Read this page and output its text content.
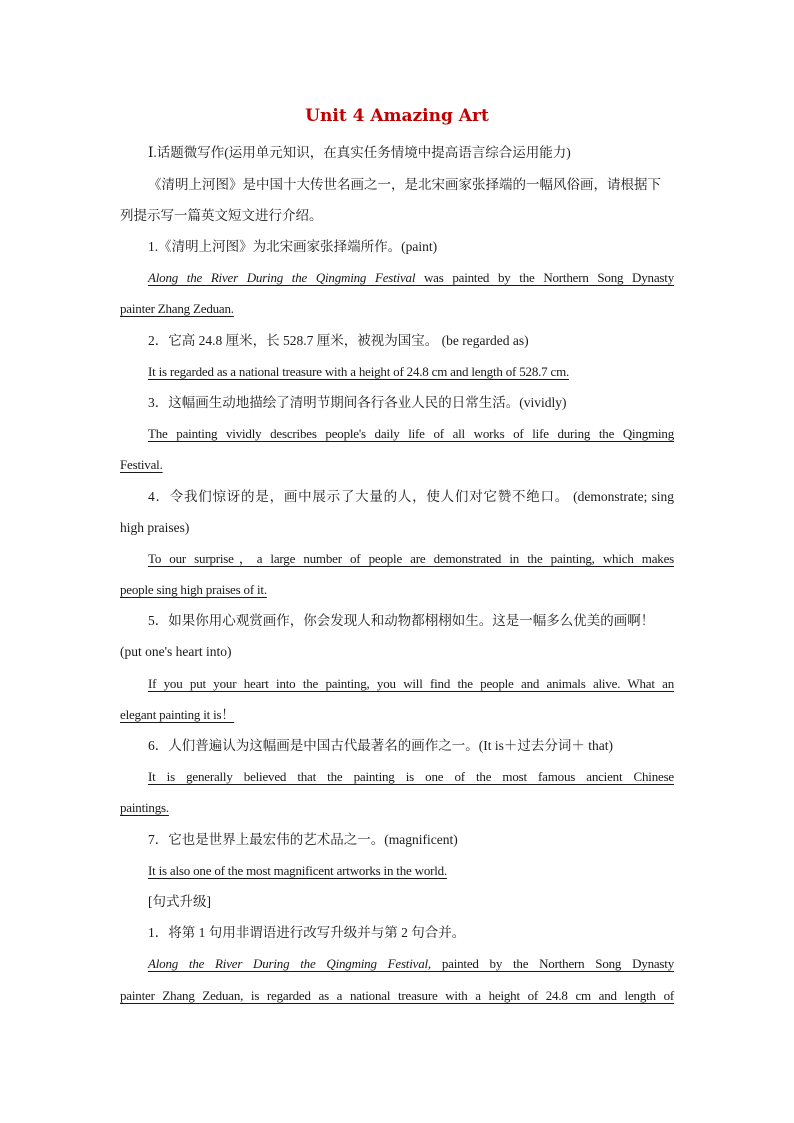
Unit 4 Amazing Art
Ⅰ.话题微写作(运用单元知识，在真实任务情境中提高语言综合运用能力)
《清明上河图》是中国十大传世名画之一，是北宋画家张择端的一幅风俗画，请根据下
列提示写一篇英文短文进行介绍。
1.《清明上河图》为北宋画家张择端所作。(paint)
Along the River During the Qingming Festival was painted by the Northern Song Dynasty
painter Zhang Zeduan.
2．它高 24.8 厘米，长 528.7 厘米，被视为国宝。 (be regarded as)
It is regarded as a national treasure with a height of 24.8 cm and length of 528.7 cm.
3．这幅画生动地描绘了清明节期间各行各业人民的日常生活。(vividly)
The painting vividly describes people's daily life of all works of life during the Qingming
Festival.
4．令我们惊讶的是，画中展示了大量的人，使人们对它赞不绝口。 (demonstrate; sing
high praises)
To our surprise，a large number of people are demonstrated in the painting, which makes
people sing high praises of it.
5．如果你用心观赏画作，你会发现人和动物都栩栩如生。这是一幅多么优美的画啊！
(put one's heart into)
If you put your heart into the painting, you will find the people and animals alive. What an
elegant painting it is！
6．人们普遍认为这幅画是中国古代最著名的画作之一。(It is＋过去分词＋ that)
It is generally believed that the painting is one of the most famous ancient Chinese
paintings.
7．它也是世界上最宏伟的艺术品之一。(magnificent)
It is also one of the most magnificent artworks in the world.
[句式升级]
1．将第 1 句用非谓语进行改写升级并与第 2 句合并。
Along the River During the Qingming Festival, painted by the Northern Song Dynasty
painter Zhang Zeduan, is regarded as a national treasure with a height of 24.8 cm and length of
